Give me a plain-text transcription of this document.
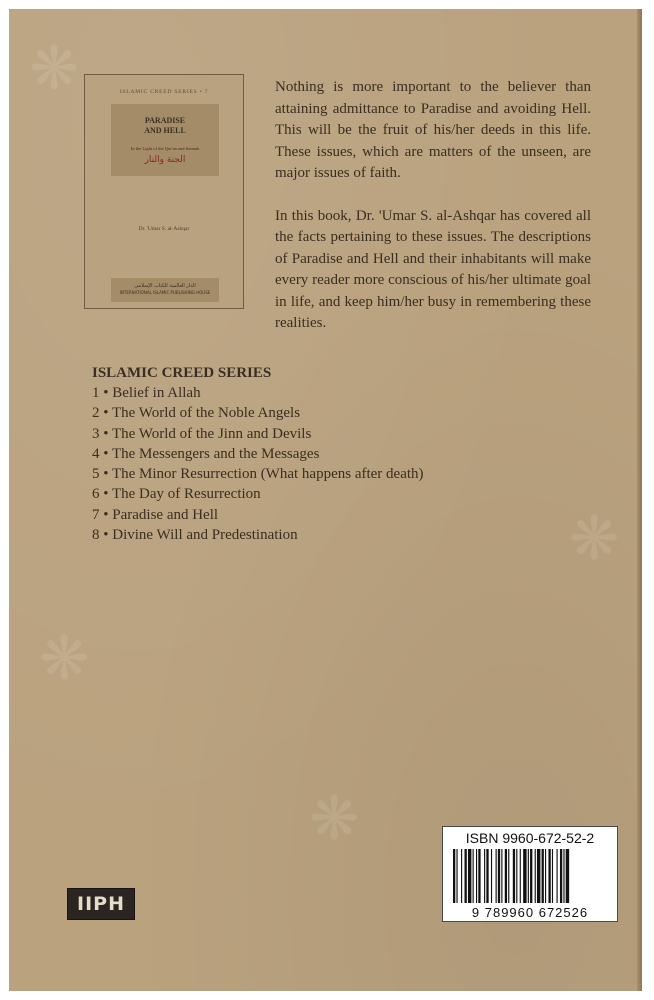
❋
❋
❋
❋
ISLAMIC CREED SERIES • 7
PARADISE
AND HELL
In the Light of the Qur'an and Sunnah
الجنة والنار
Dr. 'Umar S. al-Ashqar
الدار العالمية للكتاب الإسلامي
INTERNATIONAL ISLAMIC PUBLISHING HOUSE

Nothing is more important to the believer than attaining admittance to Paradise and avoiding Hell. This will be the fruit of his/her deeds in this life. These issues, which are matters of the unseen, are major issues of faith.

In this book, Dr. 'Umar S. al-Ashqar has covered all the facts pertaining to these issues. The descriptions of Paradise and Hell and their inhabitants will make every reader more conscious of his/her ultimate goal in life, and keep him/her busy in remembering these realities.

ISLAMIC CREED SERIES
1 • Belief in Allah
2 • The World of the Noble Angels
3 • The World of the Jinn and Devils
4 • The Messengers and the Messages
5 • The Minor Resurrection (What happens after death)
6 • The Day of Resurrection
7 • Paradise and Hell
8 • Divine Will and Predestination
ISBN 9960-672-52-2
9 789960 672526
IIPH
